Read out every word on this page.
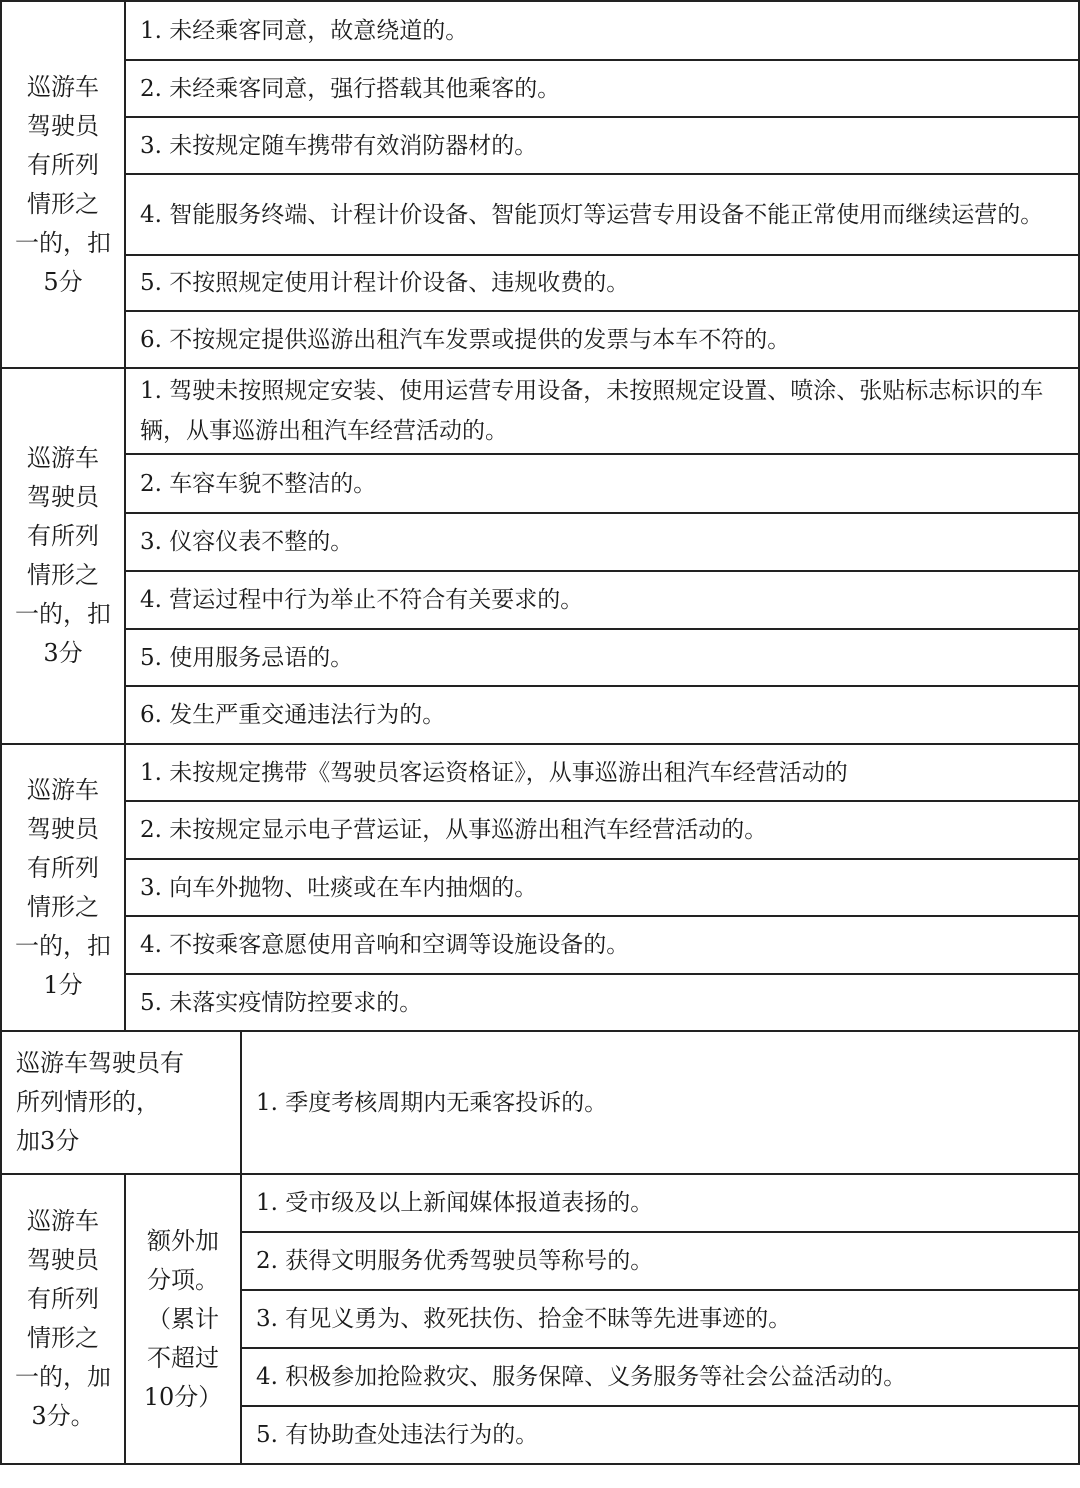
巡游车
驾驶员
有所列
情形之
一的，扣
5分
1. 未经乘客同意，故意绕道的。
2. 未经乘客同意，强行搭载其他乘客的。
3. 未按规定随车携带有效消防器材的。
4. 智能服务终端、计程计价设备、智能顶灯等运营专用设备不能正常使用而继续运营的。
5. 不按照规定使用计程计价设备、违规收费的。
6. 不按规定提供巡游出租汽车发票或提供的发票与本车不符的。
巡游车
驾驶员
有所列
情形之
一的，扣
3分
1. 驾驶未按照规定安装、使用运营专用设备，未按照规定设置、喷涂、张贴标志标识的车辆，从事巡游出租汽车经营活动的。
2. 车容车貌不整洁的。
3. 仪容仪表不整的。
4. 营运过程中行为举止不符合有关要求的。
5. 使用服务忌语的。
6. 发生严重交通违法行为的。
巡游车
驾驶员
有所列
情形之
一的，扣
1分
1. 未按规定携带《驾驶员客运资格证》，从事巡游出租汽车经营活动的
2. 未按规定显示电子营运证，从事巡游出租汽车经营活动的。
3. 向车外抛物、吐痰或在车内抽烟的。
4. 不按乘客意愿使用音响和空调等设施设备的。
5. 未落实疫情防控要求的。
巡游车驾驶员有
所列情形的，
加3分
1. 季度考核周期内无乘客投诉的。
巡游车
驾驶员
有所列
情形之
一的，加
3分。
额外加
分项。
（累计
不超过
10分）
1. 受市级及以上新闻媒体报道表扬的。
2. 获得文明服务优秀驾驶员等称号的。
3. 有见义勇为、救死扶伤、拾金不昧等先进事迹的。
4. 积极参加抢险救灾、服务保障、义务服务等社会公益活动的。
5. 有协助查处违法行为的。
